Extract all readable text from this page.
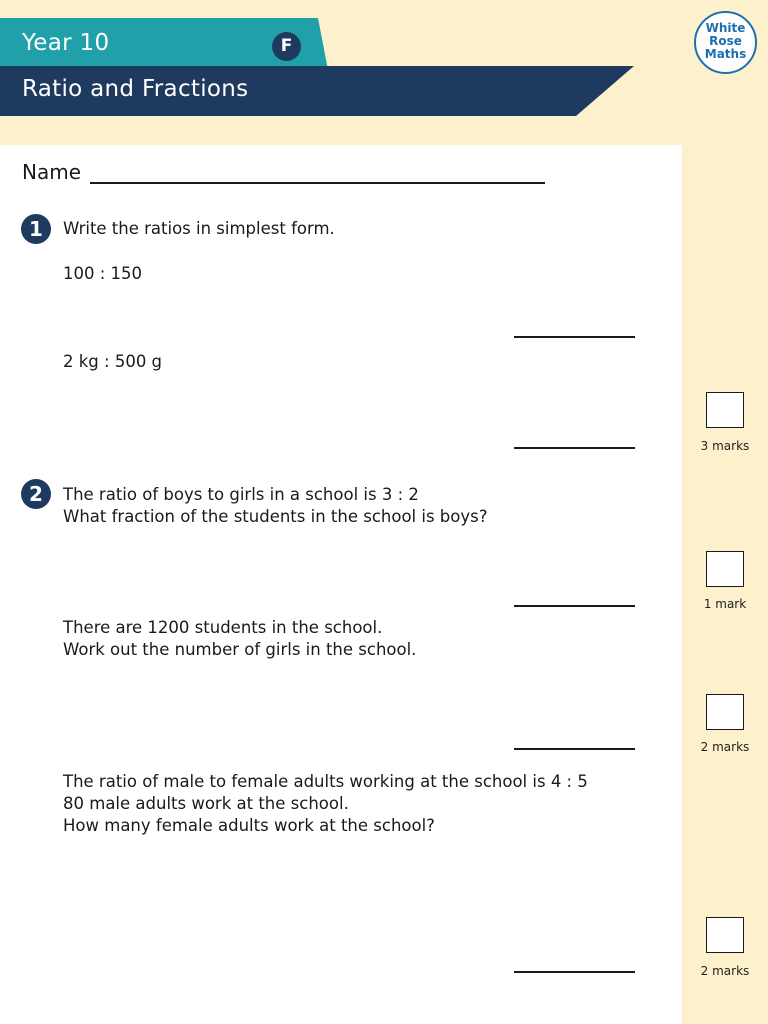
Year 10	F
Ratio and Fractions
White
Rose
Maths
Name
1	Write the ratios in simplest form.
100 : 150
2 kg : 500 g
3 marks
2	The ratio of boys to girls in a school is 3 : 2
What fraction of the students in the school is boys?
1 mark
There are 1200 students in the school.
Work out the number of girls in the school.
2 marks
The ratio of male to female adults working at the school is 4 : 5
80 male adults work at the school.
How many female adults work at the school?
2 marks
